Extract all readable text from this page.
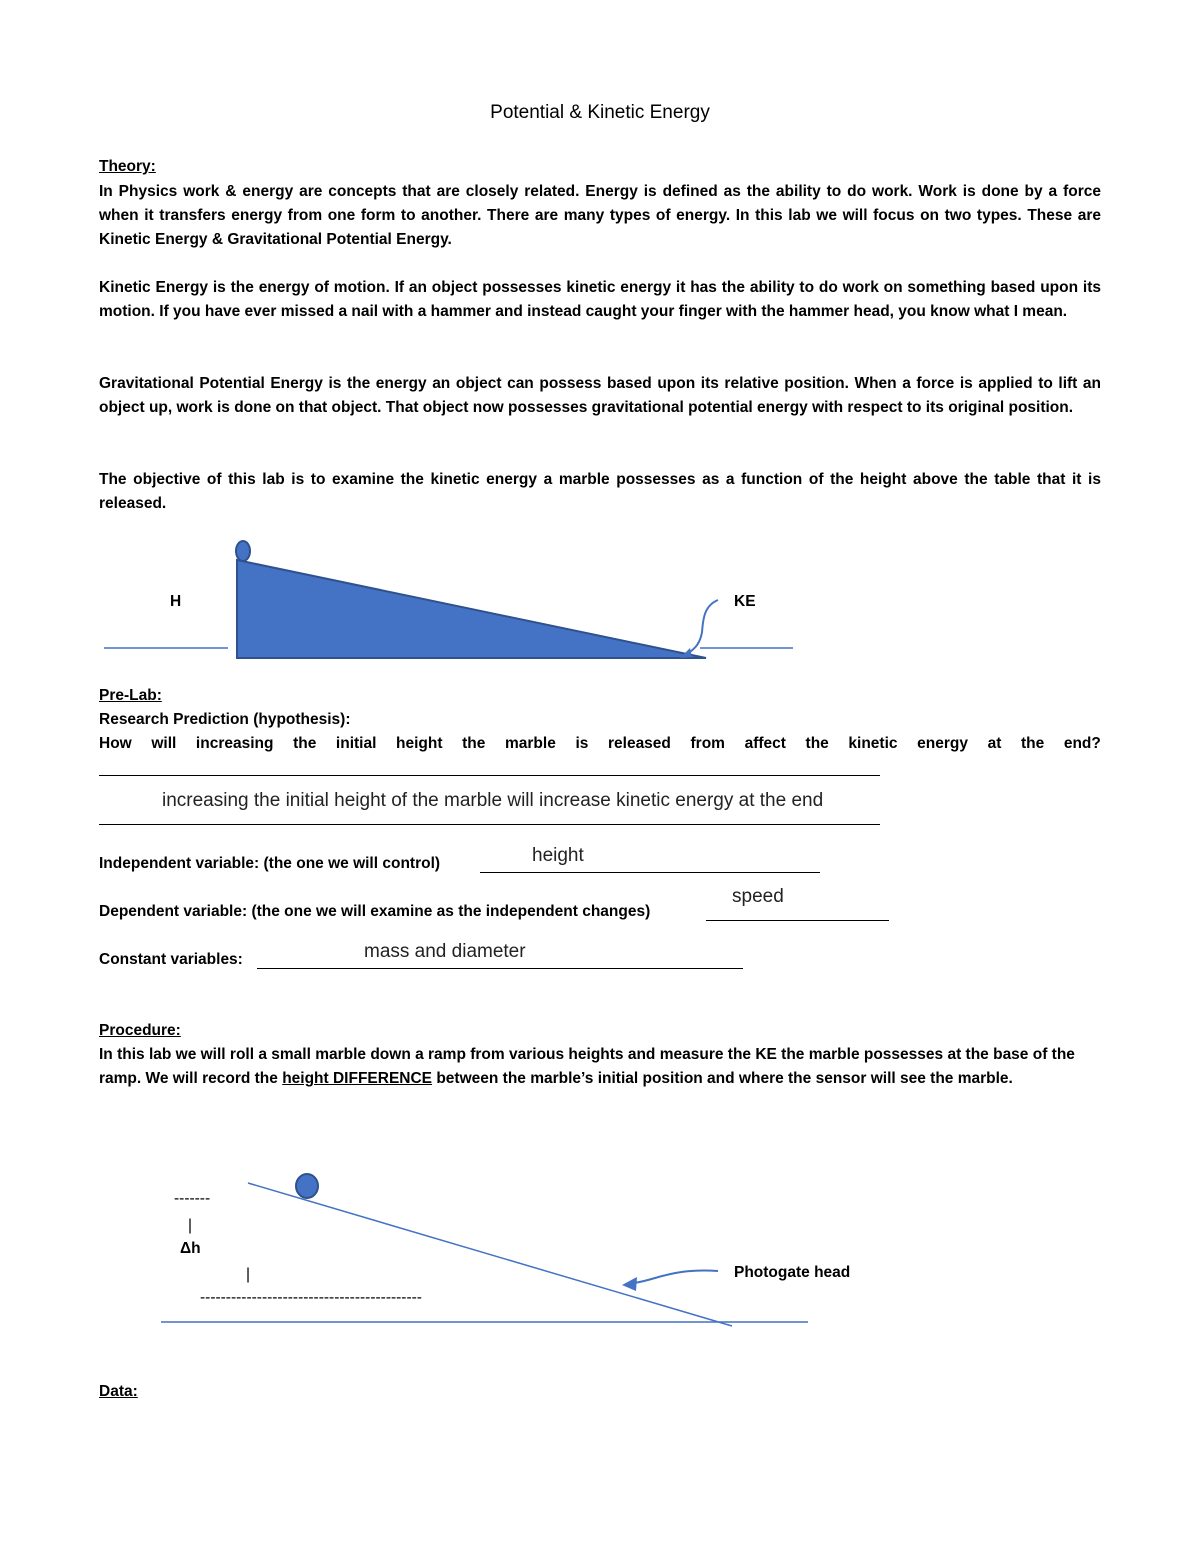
Potential & Kinetic Energy
Theory:
In Physics work & energy are concepts that are closely related. Energy is defined as the ability to do work. Work is done by a force when it transfers energy from one form to another. There are many types of energy. In this lab we will focus on two types. These are Kinetic Energy & Gravitational Potential Energy.
Kinetic Energy is the energy of motion. If an object possesses kinetic energy it has the ability to do work on something based upon its motion. If you have ever missed a nail with a hammer and instead caught your finger with the hammer head, you know what I mean.
Gravitational Potential Energy is the energy an object can possess based upon its relative position. When a force is applied to lift an object up, work is done on that object. That object now possesses gravitational potential energy with respect to its original position.
The objective of this lab is to examine the kinetic energy a marble possesses as a function of the height above the table that it is released.
H	KE
Pre-Lab:
Research Prediction (hypothesis):
How will increasing the initial height the marble is released from affect the kinetic energy at the end?
increasing the initial height of the marble will increase kinetic energy at the end
Independent variable: (the one we will control)	height
Dependent variable: (the one we will examine as the independent changes)
speed
Constant variables:	mass and diameter
Procedure:
In this lab we will roll a small marble down a ramp from various heights and measure the KE the marble possesses at the base of the ramp. We will record the height DIFFERENCE between the marble’s initial position and where the sensor will see the marble.
-------
|
Δh
|
-------------------------------------------
Photogate head
Data:
